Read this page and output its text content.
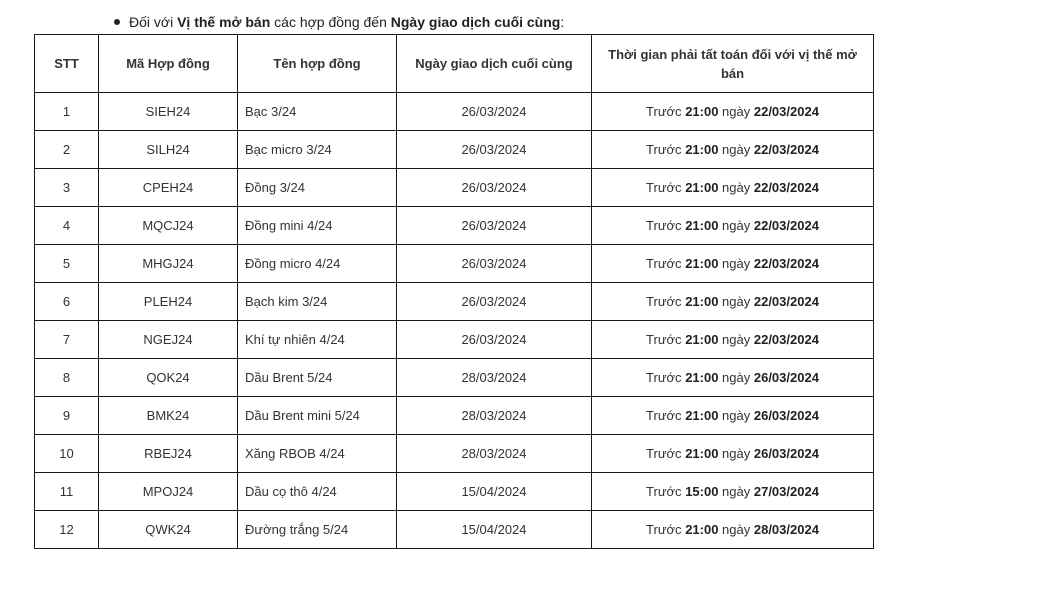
Đối với Vị thế mở bán các hợp đồng đến Ngày giao dịch cuối cùng:
STT	Mã Hợp đồng	Tên hợp đồng	Ngày giao dịch cuối cùng	Thời gian phải tất toán đối với vị thế mở bán
1	SIEH24	Bạc 3/24	26/03/2024	Trước 21:00 ngày 22/03/2024
2	SILH24	Bạc micro 3/24	26/03/2024	Trước 21:00 ngày 22/03/2024
3	CPEH24	Đồng 3/24	26/03/2024	Trước 21:00 ngày 22/03/2024
4	MQCJ24	Đồng mini 4/24	26/03/2024	Trước 21:00 ngày 22/03/2024
5	MHGJ24	Đồng micro 4/24	26/03/2024	Trước 21:00 ngày 22/03/2024
6	PLEH24	Bạch kim 3/24	26/03/2024	Trước 21:00 ngày 22/03/2024
7	NGEJ24	Khí tự nhiên 4/24	26/03/2024	Trước 21:00 ngày 22/03/2024
8	QOK24	Dầu Brent 5/24	28/03/2024	Trước 21:00 ngày 26/03/2024
9	BMK24	Dầu Brent mini 5/24	28/03/2024	Trước 21:00 ngày 26/03/2024
10	RBEJ24	Xăng RBOB 4/24	28/03/2024	Trước 21:00 ngày 26/03/2024
11	MPOJ24	Dầu cọ thô 4/24	15/04/2024	Trước 15:00 ngày 27/03/2024
12	QWK24	Đường trắng 5/24	15/04/2024	Trước 21:00 ngày 28/03/2024
